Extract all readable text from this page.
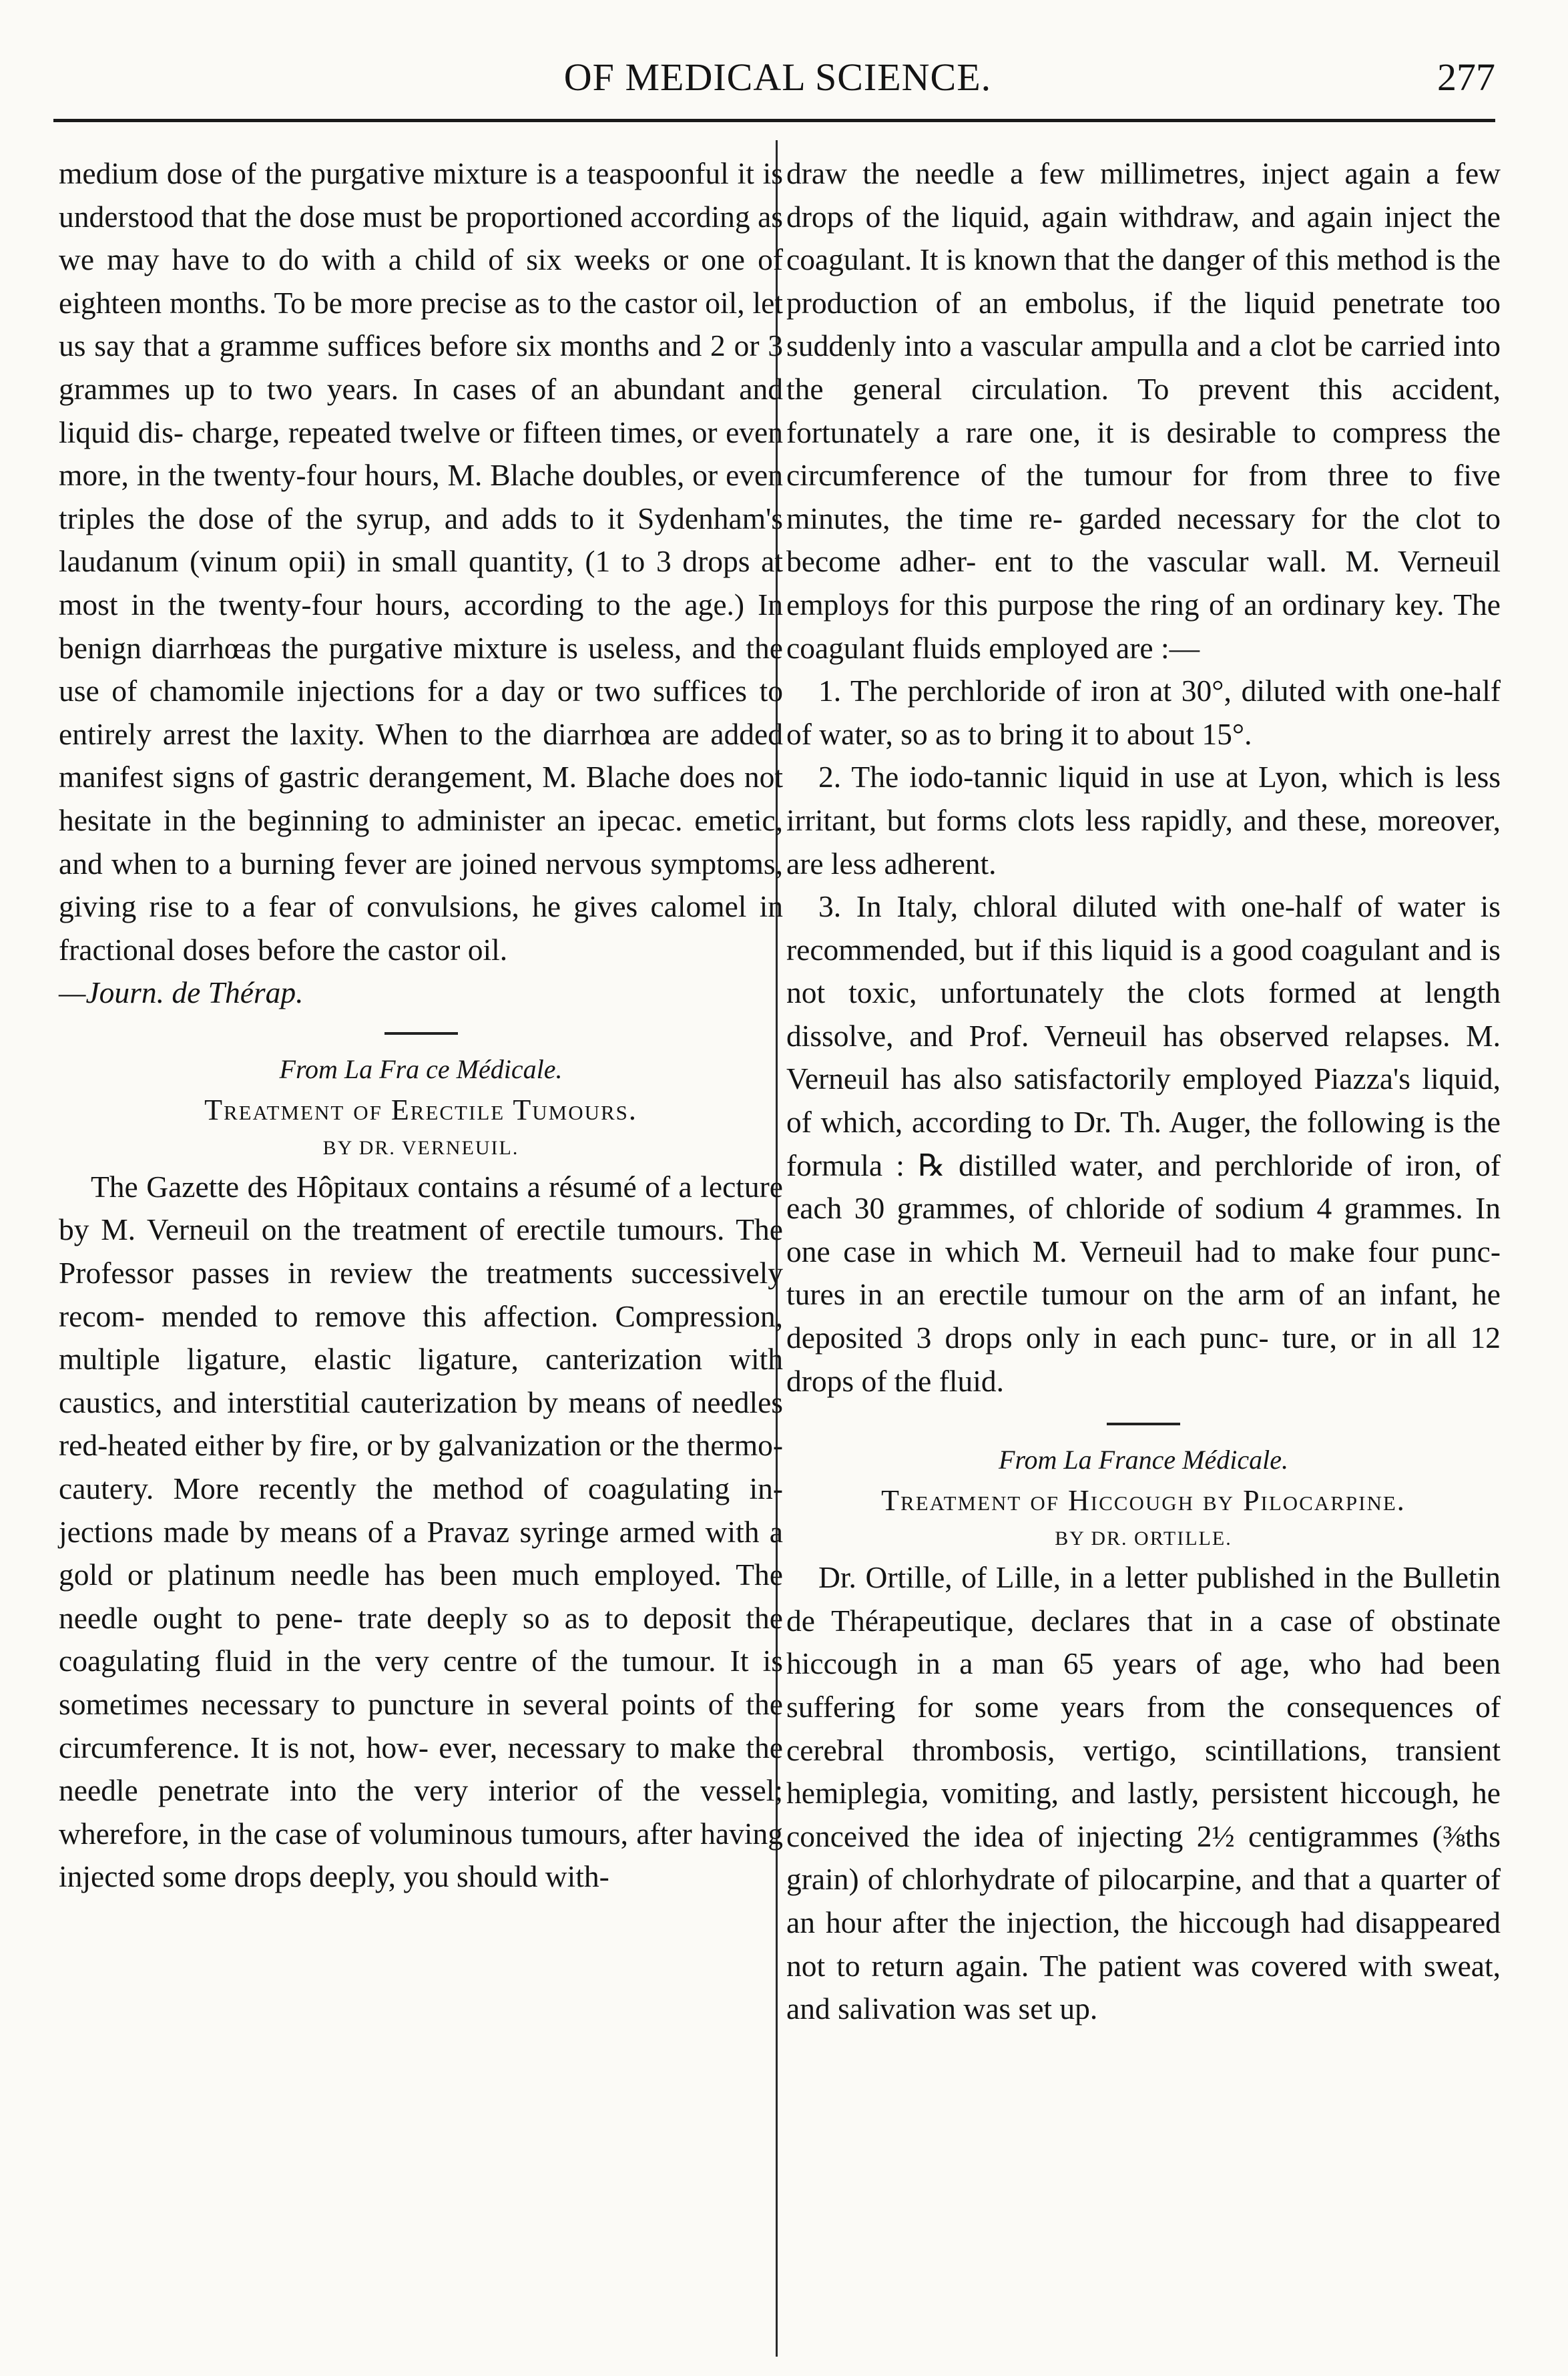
OF MEDICAL SCIENCE.	277

medium dose of the purgative mixture is a teaspoonful it is understood that the dose must be proportioned according as we may have to do with a child of six weeks or one of eighteen months. To be more precise as to the castor oil, let us say that a gramme suffices before six months and 2 or 3 grammes up to two years. In cases of an abundant and liquid dis- charge, repeated twelve or fifteen times, or even more, in the twenty-four hours, M. Blache doubles, or even triples the dose of the syrup, and adds to it Sydenham's laudanum (vinum opii) in small quantity, (1 to 3 drops at most in the twenty-four hours, according to the age.) In benign diarrhœas the purgative mixture is useless, and the use of chamomile injections for a day or two suffices to entirely arrest the laxity. When to the diarrhœa are added manifest signs of gastric derangement, M. Blache does not hesitate in the beginning to administer an ipecac. emetic, and when to a burning fever are joined nervous symptoms, giving rise to a fear of convulsions, he gives calomel in fractional doses before the castor oil.

—Journ. de Thérap.

From La Fra ce Médicale.

Treatment of Erectile Tumours.

BY DR. VERNEUIL.

The Gazette des Hôpitaux contains a résumé of a lecture by M. Verneuil on the treatment of erectile tumours. The Professor passes in review the treatments successively recom- mended to remove this affection. Compression, multiple ligature, elastic ligature, canterization with caustics, and interstitial cauterization by means of needles red-heated either by fire, or by galvanization or the thermo-cautery. More recently the method of coagulating in- jections made by means of a Pravaz syringe armed with a gold or platinum needle has been much employed. The needle ought to pene- trate deeply so as to deposit the coagulating fluid in the very centre of the tumour. It is sometimes necessary to puncture in several points of the circumference. It is not, how- ever, necessary to make the needle penetrate into the very interior of the vessel; wherefore, in the case of voluminous tumours, after having injected some drops deeply, you should with-

draw the needle a few millimetres, inject again a few drops of the liquid, again withdraw, and again inject the coagulant. It is known that the danger of this method is the production of an embolus, if the liquid penetrate too suddenly into a vascular ampulla and a clot be carried into the general circulation. To prevent this accident, fortunately a rare one, it is desirable to compress the circumference of the tumour for from three to five minutes, the time re- garded necessary for the clot to become adher- ent to the vascular wall. M. Verneuil employs for this purpose the ring of an ordinary key. The coagulant fluids employed are :—

1. The perchloride of iron at 30°, diluted with one-half of water, so as to bring it to about 15°.

2. The iodo-tannic liquid in use at Lyon, which is less irritant, but forms clots less rapidly, and these, moreover, are less adherent.

3. In Italy, chloral diluted with one-half of water is recommended, but if this liquid is a good coagulant and is not toxic, unfortunately the clots formed at length dissolve, and Prof. Verneuil has observed relapses. M. Verneuil has also satisfactorily employed Piazza's liquid, of which, according to Dr. Th. Auger, the following is the formula : ℞ distilled water, and perchloride of iron, of each 30 grammes, of chloride of sodium 4 grammes. In one case in which M. Verneuil had to make four punc- tures in an erectile tumour on the arm of an infant, he deposited 3 drops only in each punc- ture, or in all 12 drops of the fluid.

From La France Médicale.

Treatment of Hiccough by Pilocarpine.

BY DR. ORTILLE.

Dr. Ortille, of Lille, in a letter published in the Bulletin de Thérapeutique, declares that in a case of obstinate hiccough in a man 65 years of age, who had been suffering for some years from the consequences of cerebral thrombosis, vertigo, scintillations, transient hemiplegia, vomiting, and lastly, persistent hiccough, he conceived the idea of injecting 2½ centigrammes (⅜ths grain) of chlorhydrate of pilocarpine, and that a quarter of an hour after the injection, the hiccough had disappeared not to return again. The patient was covered with sweat, and salivation was set up.
